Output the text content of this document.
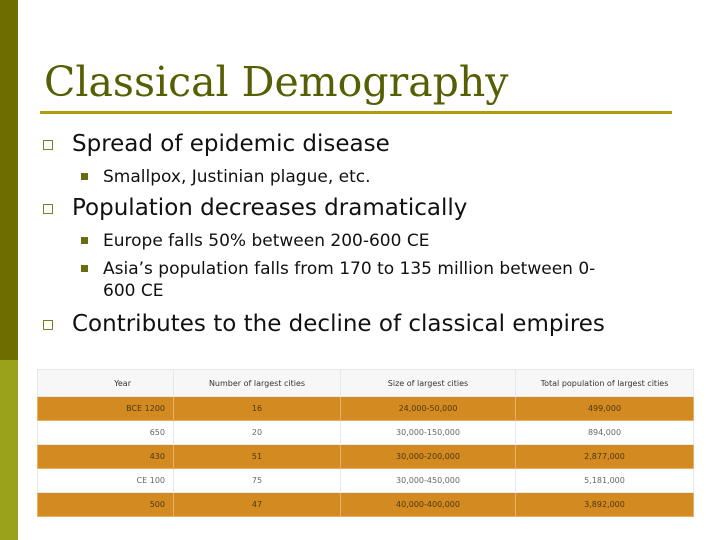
Classical Demography
Spread of epidemic disease
Smallpox, Justinian plague, etc.
Population decreases dramatically
Europe falls 50% between 200-600 CE
Asia’s population falls from 170 to 135 million between 0-
600 CE
Contributes to the decline of classical empires
Year	Number of largest cities	Size of largest cities	Total population of largest cities
BCE 1200	16	24,000-50,000	499,000
650	20	30,000-150,000	894,000
430	51	30,000-200,000	2,877,000
CE 100	75	30,000-450,000	5,181,000
500	47	40,000-400,000	3,892,000
